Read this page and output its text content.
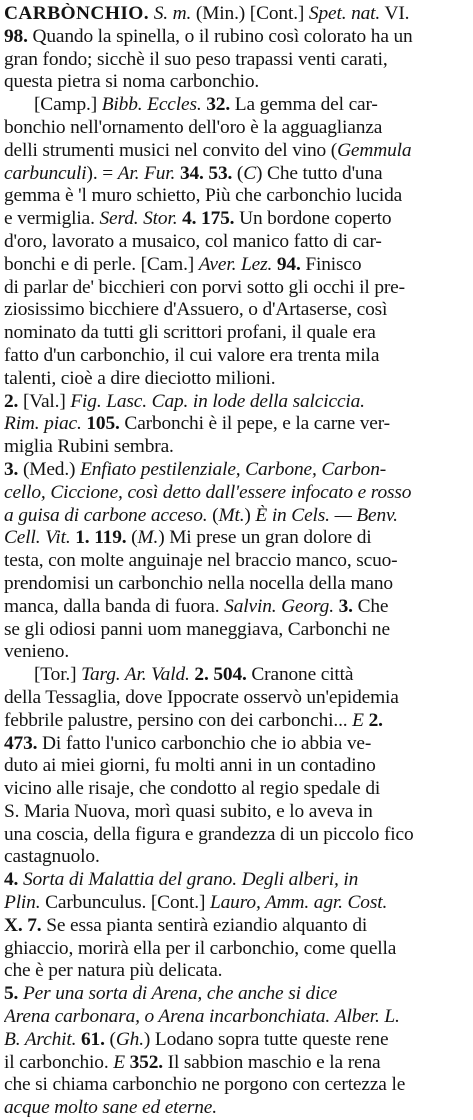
CARBÒNCHIO. S. m. (Min.) [Cont.] Spet. nat. VI.
98. Quando la spinella, o il rubino così colorato ha un
gran fondo; sicchè il suo peso trapassi venti carati,
questa pietra si noma carbonchio.
[Camp.] Bibb. Eccles. 32. La gemma del car-
bonchio nell'ornamento dell'oro è la agguaglianza
delli strumenti musici nel convito del vino (Gemmula
carbunculi). = Ar. Fur. 34. 53. (C) Che tutto d'una
gemma è 'l muro schietto, Più che carbonchio lucida
e vermiglia. Serd. Stor. 4. 175. Un bordone coperto
d'oro, lavorato a musaico, col manico fatto di car-
bonchi e di perle. [Cam.] Aver. Lez. 94. Finisco
di parlar de' bicchieri con porvi sotto gli occhi il pre-
ziosissimo bicchiere d'Assuero, o d'Artaserse, così
nominato da tutti gli scrittori profani, il quale era
fatto d'un carbonchio, il cui valore era trenta mila
talenti, cioè a dire dieciotto milioni.
2. [Val.] Fig. Lasc. Cap. in lode della salciccia.
Rim. piac. 105. Carbonchi è il pepe, e la carne ver-
miglia Rubini sembra.
3. (Med.) Enfiato pestilenziale, Carbone, Carbon-
cello, Ciccione, così detto dall'essere infocato e rosso
a guisa di carbone acceso. (Mt.) È in Cels. — Benv.
Cell. Vit. 1. 119. (M.) Mi prese un gran dolore di
testa, con molte anguinaje nel braccio manco, scuo-
prendomisi un carbonchio nella nocella della mano
manca, dalla banda di fuora. Salvin. Georg. 3. Che
se gli odiosi panni uom maneggiava, Carbonchi ne
venieno.
[Tor.] Targ. Ar. Vald. 2. 504. Cranone città
della Tessaglia, dove Ippocrate osservò un'epidemia
febbrile palustre, persino con dei carbonchi... E 2.
473. Di fatto l'unico carbonchio che io abbia ve-
duto ai miei giorni, fu molti anni in un contadino
vicino alle risaje, che condotto al regio spedale di
S. Maria Nuova, morì quasi subito, e lo aveva in
una coscia, della figura e grandezza di un piccolo fico
castagnuolo.
4. Sorta di Malattia del grano. Degli alberi, in
Plin. Carbunculus. [Cont.] Lauro, Amm. agr. Cost.
X. 7. Se essa pianta sentirà eziandio alquanto di
ghiaccio, morirà ella per il carbonchio, come quella
che è per natura più delicata.
5. Per una sorta di Arena, che anche si dice
Arena carbonara, o Arena incarbonchiata. Alber. L.
B. Archit. 61. (Gh.) Lodano sopra tutte queste rene
il carbonchio. E 352. Il sabbion maschio e la rena
che si chiama carbonchio ne porgono con certezza le
acque molto sane ed eterne.
